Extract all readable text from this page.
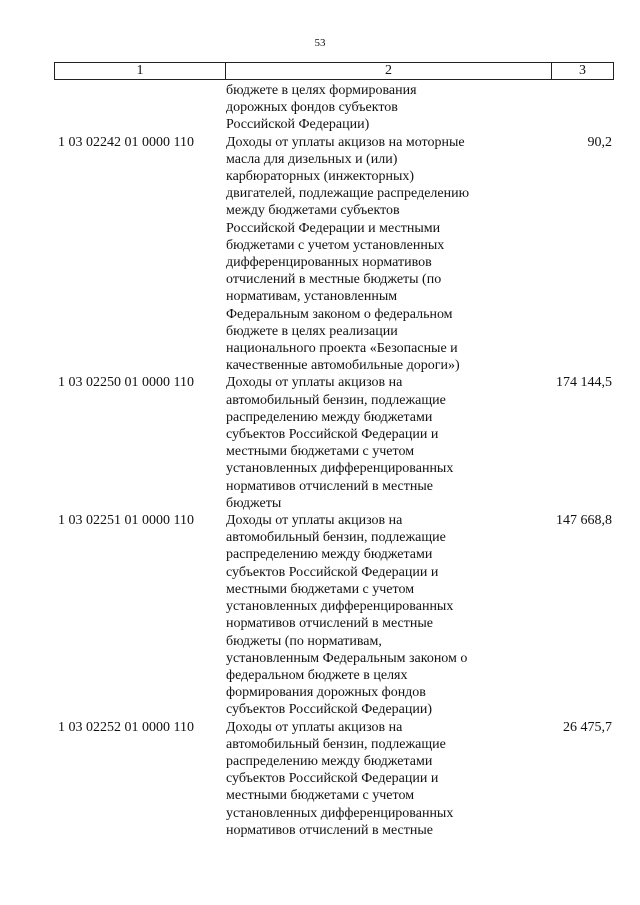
53
1	2	3
бюджете в целях формирования
дорожных фондов субъектов
Российской Федерации)
1 03 02242 01 0000 110	Доходы от уплаты акцизов на моторные
масла для дизельных и (или)
карбюраторных (инжекторных)
двигателей, подлежащие распределению
между бюджетами субъектов
Российской Федерации и местными
бюджетами с учетом установленных
дифференцированных нормативов
отчислений в местные бюджеты (по
нормативам, установленным
Федеральным законом о федеральном
бюджете в целях реализации
национального проекта «Безопасные и
качественные автомобильные дороги»)
90,2
1 03 02250 01 0000 110	Доходы от уплаты акцизов на
автомобильный бензин, подлежащие
распределению между бюджетами
субъектов Российской Федерации и
местными бюджетами с учетом
установленных дифференцированных
нормативов отчислений в местные
бюджеты
174 144,5
1 03 02251 01 0000 110	Доходы от уплаты акцизов на
автомобильный бензин, подлежащие
распределению между бюджетами
субъектов Российской Федерации и
местными бюджетами с учетом
установленных дифференцированных
нормативов отчислений в местные
бюджеты (по нормативам,
установленным Федеральным законом о
федеральном бюджете в целях
формирования дорожных фондов
субъектов Российской Федерации)
147 668,8
1 03 02252 01 0000 110	Доходы от уплаты акцизов на
автомобильный бензин, подлежащие
распределению между бюджетами
субъектов Российской Федерации и
местными бюджетами с учетом
установленных дифференцированных
нормативов отчислений в местные
26 475,7
